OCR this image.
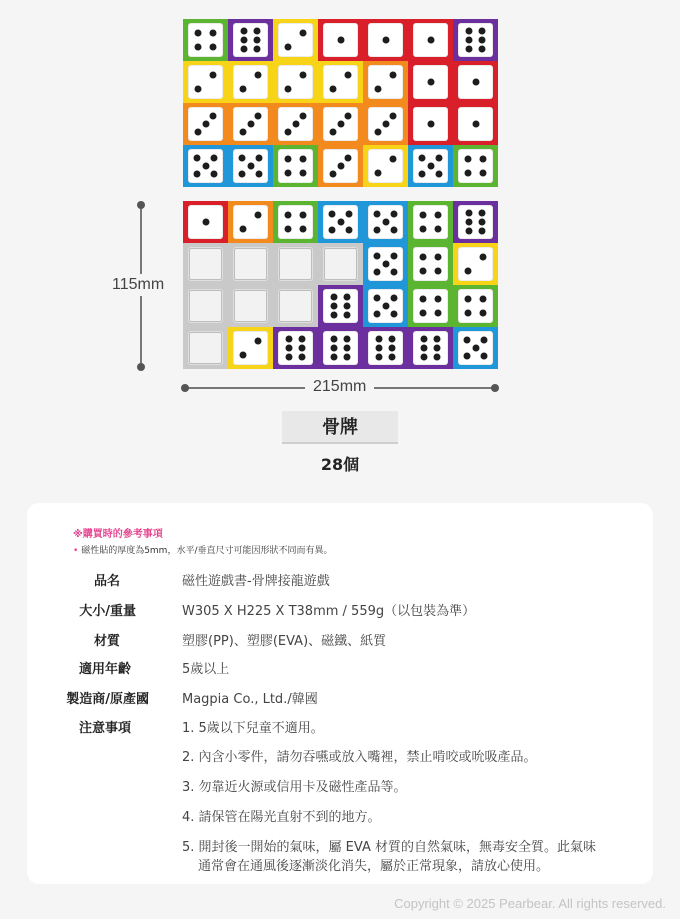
115mm
215mm
骨牌
28個
※購買時的參考事項
• 磁性貼的厚度為5mm，水平/垂直尺寸可能因形狀不同而有異。
品名	磁性遊戲書-骨牌接龍遊戲
大小/重量	W305 X H225 X T38mm / 559g（以包裝為準）
材質	塑膠(PP)、塑膠(EVA)、磁鐵、紙質
適用年齡	5歲以上
製造商/原產國	Magpia Co., Ltd./韓國
注意事項	1. 5歲以下兒童不適用。
2. 內含小零件，請勿吞嚥或放入嘴裡，禁止啃咬或吮吸產品。
3. 勿靠近火源或信用卡及磁性產品等。
4. 請保管在陽光直射不到的地方。
5. 開封後一開始的氣味，屬 EVA 材質的自然氣味，無毒安全質。此氣味
通常會在通風後逐漸淡化消失，屬於正常現象，請放心使用。
Copyright © 2025 Pearbear. All rights reserved.
